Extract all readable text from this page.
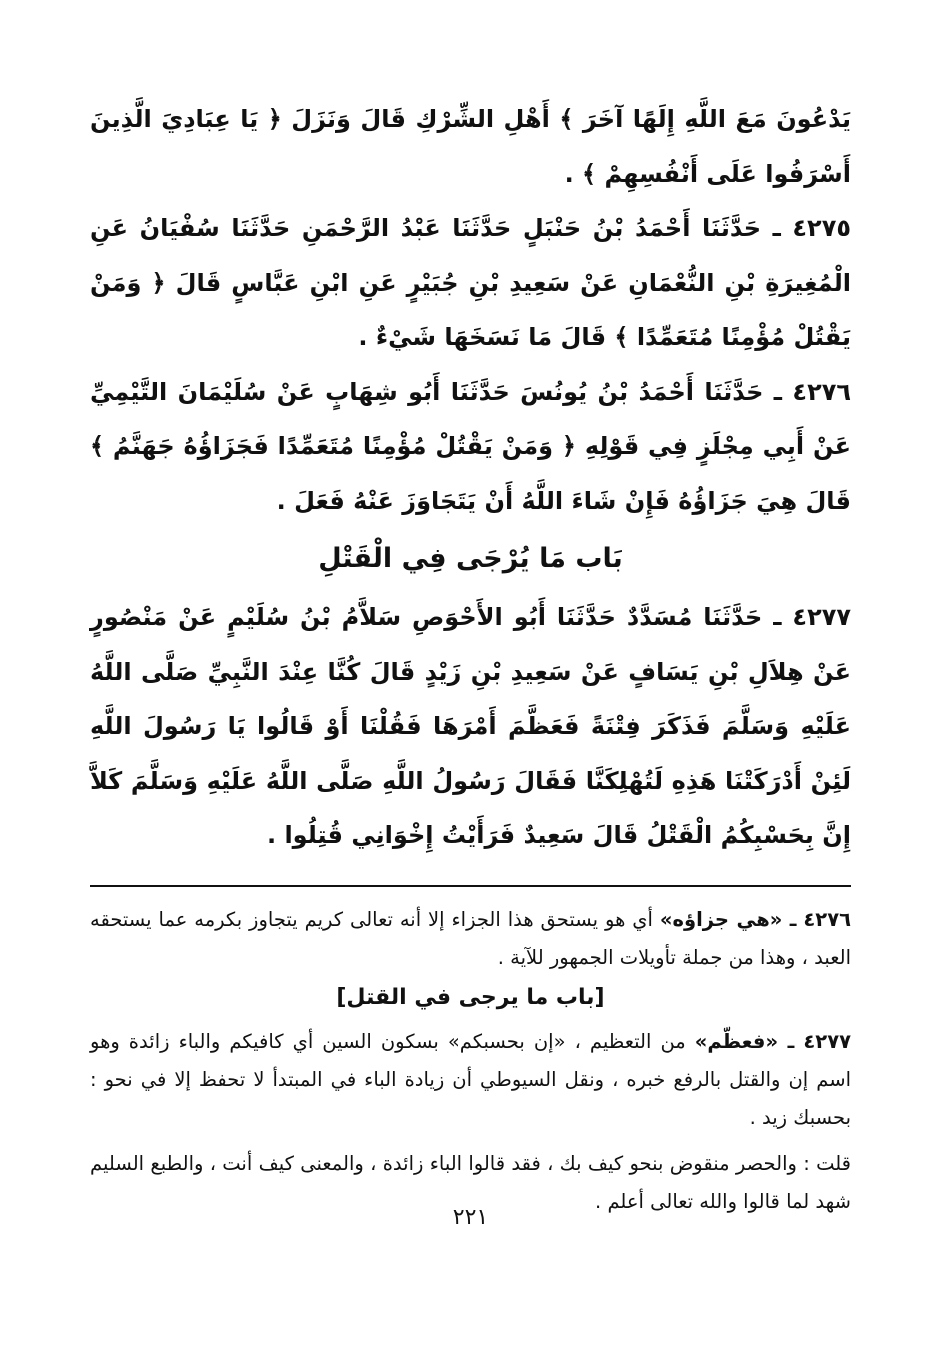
يَدْعُونَ مَعَ اللَّهِ إِلَهًا آخَرَ ﴾ أَهْلِ الشِّرْكِ قَالَ وَنَزَلَ ﴿ يَا عِبَادِيَ الَّذِينَ أَسْرَفُوا عَلَى أَنْفُسِهِمْ ﴾ .

٤٢٧٥ ـ حَدَّثَنَا أَحْمَدُ بْنُ حَنْبَلٍ حَدَّثَنَا عَبْدُ الرَّحْمَنِ حَدَّثَنَا سُفْيَانُ عَنِ الْمُغِيرَةِ بْنِ النُّعْمَانِ عَنْ سَعِيدِ بْنِ جُبَيْرٍ عَنِ ابْنِ عَبَّاسٍ قَالَ ﴿ وَمَنْ يَقْتُلْ مُؤْمِنًا مُتَعَمِّدًا ﴾ قَالَ مَا نَسَخَهَا شَيْءٌ .

٤٢٧٦ ـ حَدَّثَنَا أَحْمَدُ بْنُ يُونُسَ حَدَّثَنَا أَبُو شِهَابٍ عَنْ سُلَيْمَانَ التَّيْمِيِّ عَنْ أَبِي مِجْلَزٍ فِي قَوْلِهِ ﴿ وَمَنْ يَقْتُلْ مُؤْمِنًا مُتَعَمِّدًا فَجَزَاؤُهُ جَهَنَّمُ ﴾ قَالَ هِيَ جَزَاؤُهُ فَإِنْ شَاءَ اللَّهُ أَنْ يَتَجَاوَزَ عَنْهُ فَعَلَ .

بَاب مَا يُرْجَى فِي الْقَتْلِ

٤٢٧٧ ـ حَدَّثَنَا مُسَدَّدٌ حَدَّثَنَا أَبُو الأَحْوَصِ سَلاَّمُ بْنُ سُلَيْمٍ عَنْ مَنْصُورٍ عَنْ هِلاَلِ بْنِ يَسَافٍ عَنْ سَعِيدِ بْنِ زَيْدٍ قَالَ كُنَّا عِنْدَ النَّبِيِّ صَلَّى اللَّهُ عَلَيْهِ وَسَلَّمَ فَذَكَرَ فِتْنَةً فَعَظَّمَ أَمْرَهَا فَقُلْنَا أَوْ قَالُوا يَا رَسُولَ اللَّهِ لَئِنْ أَدْرَكَتْنَا هَذِهِ لَتُهْلِكَنَّا فَقَالَ رَسُولُ اللَّهِ صَلَّى اللَّهُ عَلَيْهِ وَسَلَّمَ كَلاَّ إِنَّ بِحَسْبِكُمُ الْقَتْلُ قَالَ سَعِيدٌ فَرَأَيْتُ إِخْوَانِي قُتِلُوا .

٤٢٧٦ ـ «هي جزاؤه» أي هو يستحق هذا الجزاء إلا أنه تعالى كريم يتجاوز بكرمه عما يستحقه العبد ، وهذا من جملة تأويلات الجمهور للآية .

[باب ما يرجى في القتل]

٤٢٧٧ ـ «فعظّم» من التعظيم ، «إن بحسبكم» بسكون السين أي كافيكم والباء زائدة وهو اسم إن والقتل بالرفع خبره ، ونقل السيوطي أن زيادة الباء في المبتدأ لا تحفظ إلا في نحو : بحسبك زيد .

قلت : والحصر منقوض بنحو كيف بك ، فقد قالوا الباء زائدة ، والمعنى كيف أنت ، والطبع السليم شهد لما قالوا والله تعالى أعلم .

٢٢١
